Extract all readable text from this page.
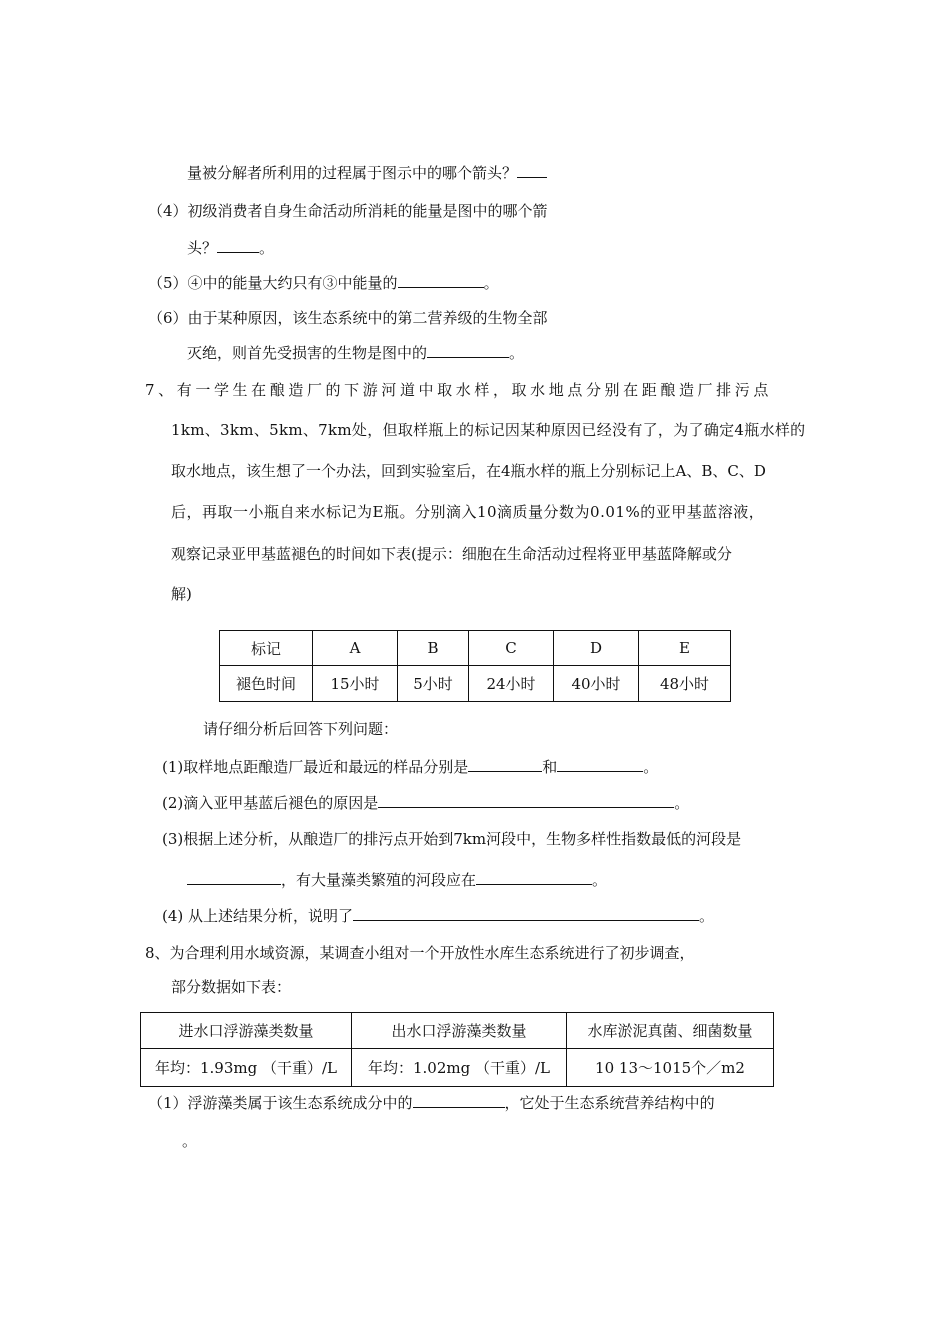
量被分解者所利用的过程属于图示中的哪个箭头？
（4）初级消费者自身生命活动所消耗的能量是图中的哪个箭
头？	。
（5）④中的能量大约只有③中能量的	。
（6）由于某种原因，该生态系统中的第二营养级的生物全部
灭绝，则首先受损害的生物是图中的	。
7、有一学生在酿造厂的下游河道中取水样，取水地点分别在距酿造厂排污点
1km、3km、5km、7km处，但取样瓶上的标记因某种原因已经没有了，为了确定4瓶水样的
取水地点，该生想了一个办法，回到实验室后，在4瓶水样的瓶上分别标记上A、B、C、D
后，再取一小瓶自来水标记为E瓶。分别滴入10滴质量分数为0.01%的亚甲基蓝溶液，
观察记录亚甲基蓝褪色的时间如下表(提示：细胞在生命活动过程将亚甲基蓝降解或分
解)
标记	A	B	C	D	E
褪色时间	15小时	5小时	24小时	40小时	48小时
请仔细分析后回答下列问题：
(1)取样地点距酿造厂最近和最远的样品分别是	和	。
(2)滴入亚甲基蓝后褪色的原因是	。
(3)根据上述分析，从酿造厂的排污点开始到7km河段中，生物多样性指数最低的河段是
，有大量藻类繁殖的河段应在	。
(4) 从上述结果分析，说明了	。
8、为合理利用水域资源，某调查小组对一个开放性水库生态系统进行了初步调查，
部分数据如下表：
进水口浮游藻类数量	出水口浮游藻类数量	水库淤泥真菌、细菌数量
年均：1.93mg （干重）/L	年均：1.02mg （干重）/L	10 13～1015个／m2
（1）浮游藻类属于该生态系统成分中的	，它处于生态系统营养结构中的
。
